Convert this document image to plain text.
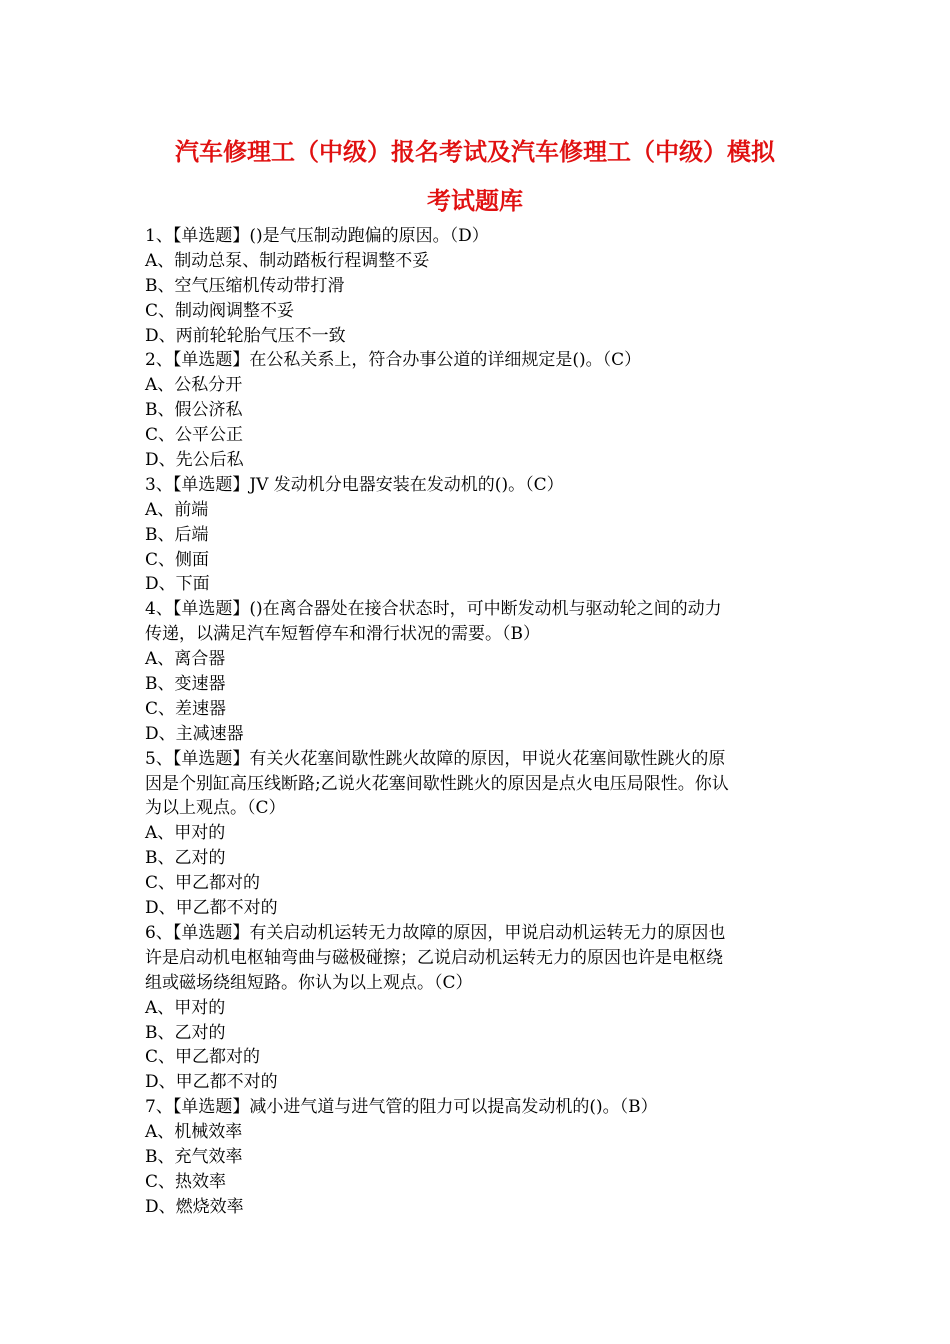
汽车修理工（中级）报名考试及汽车修理工（中级）模拟
考试题库
1、【单选题】()是气压制动跑偏的原因。（D）
A、制动总泵、制动踏板行程调整不妥
B、空气压缩机传动带打滑
C、制动阀调整不妥
D、两前轮轮胎气压不一致
2、【单选题】在公私关系上，符合办事公道的详细规定是()。（C）
A、公私分开
B、假公济私
C、公平公正
D、先公后私
3、【单选题】JV 发动机分电器安装在发动机的()。（C）
A、前端
B、后端
C、侧面
D、下面
4、【单选题】()在离合器处在接合状态时，可中断发动机与驱动轮之间的动力
传递，以满足汽车短暂停车和滑行状况的需要。（B）
A、离合器
B、变速器
C、差速器
D、主减速器
5、【单选题】有关火花塞间歇性跳火故障的原因，甲说火花塞间歇性跳火的原
因是个别缸高压线断路;乙说火花塞间歇性跳火的原因是点火电压局限性。你认
为以上观点。（C）
A、甲对的
B、乙对的
C、甲乙都对的
D、甲乙都不对的
6、【单选题】有关启动机运转无力故障的原因，甲说启动机运转无力的原因也
许是启动机电枢轴弯曲与磁极碰擦；乙说启动机运转无力的原因也许是电枢绕
组或磁场绕组短路。你认为以上观点。（C）
A、甲对的
B、乙对的
C、甲乙都对的
D、甲乙都不对的
7、【单选题】减小进气道与进气管的阻力可以提高发动机的()。（B）
A、机械效率
B、充气效率
C、热效率
D、燃烧效率
